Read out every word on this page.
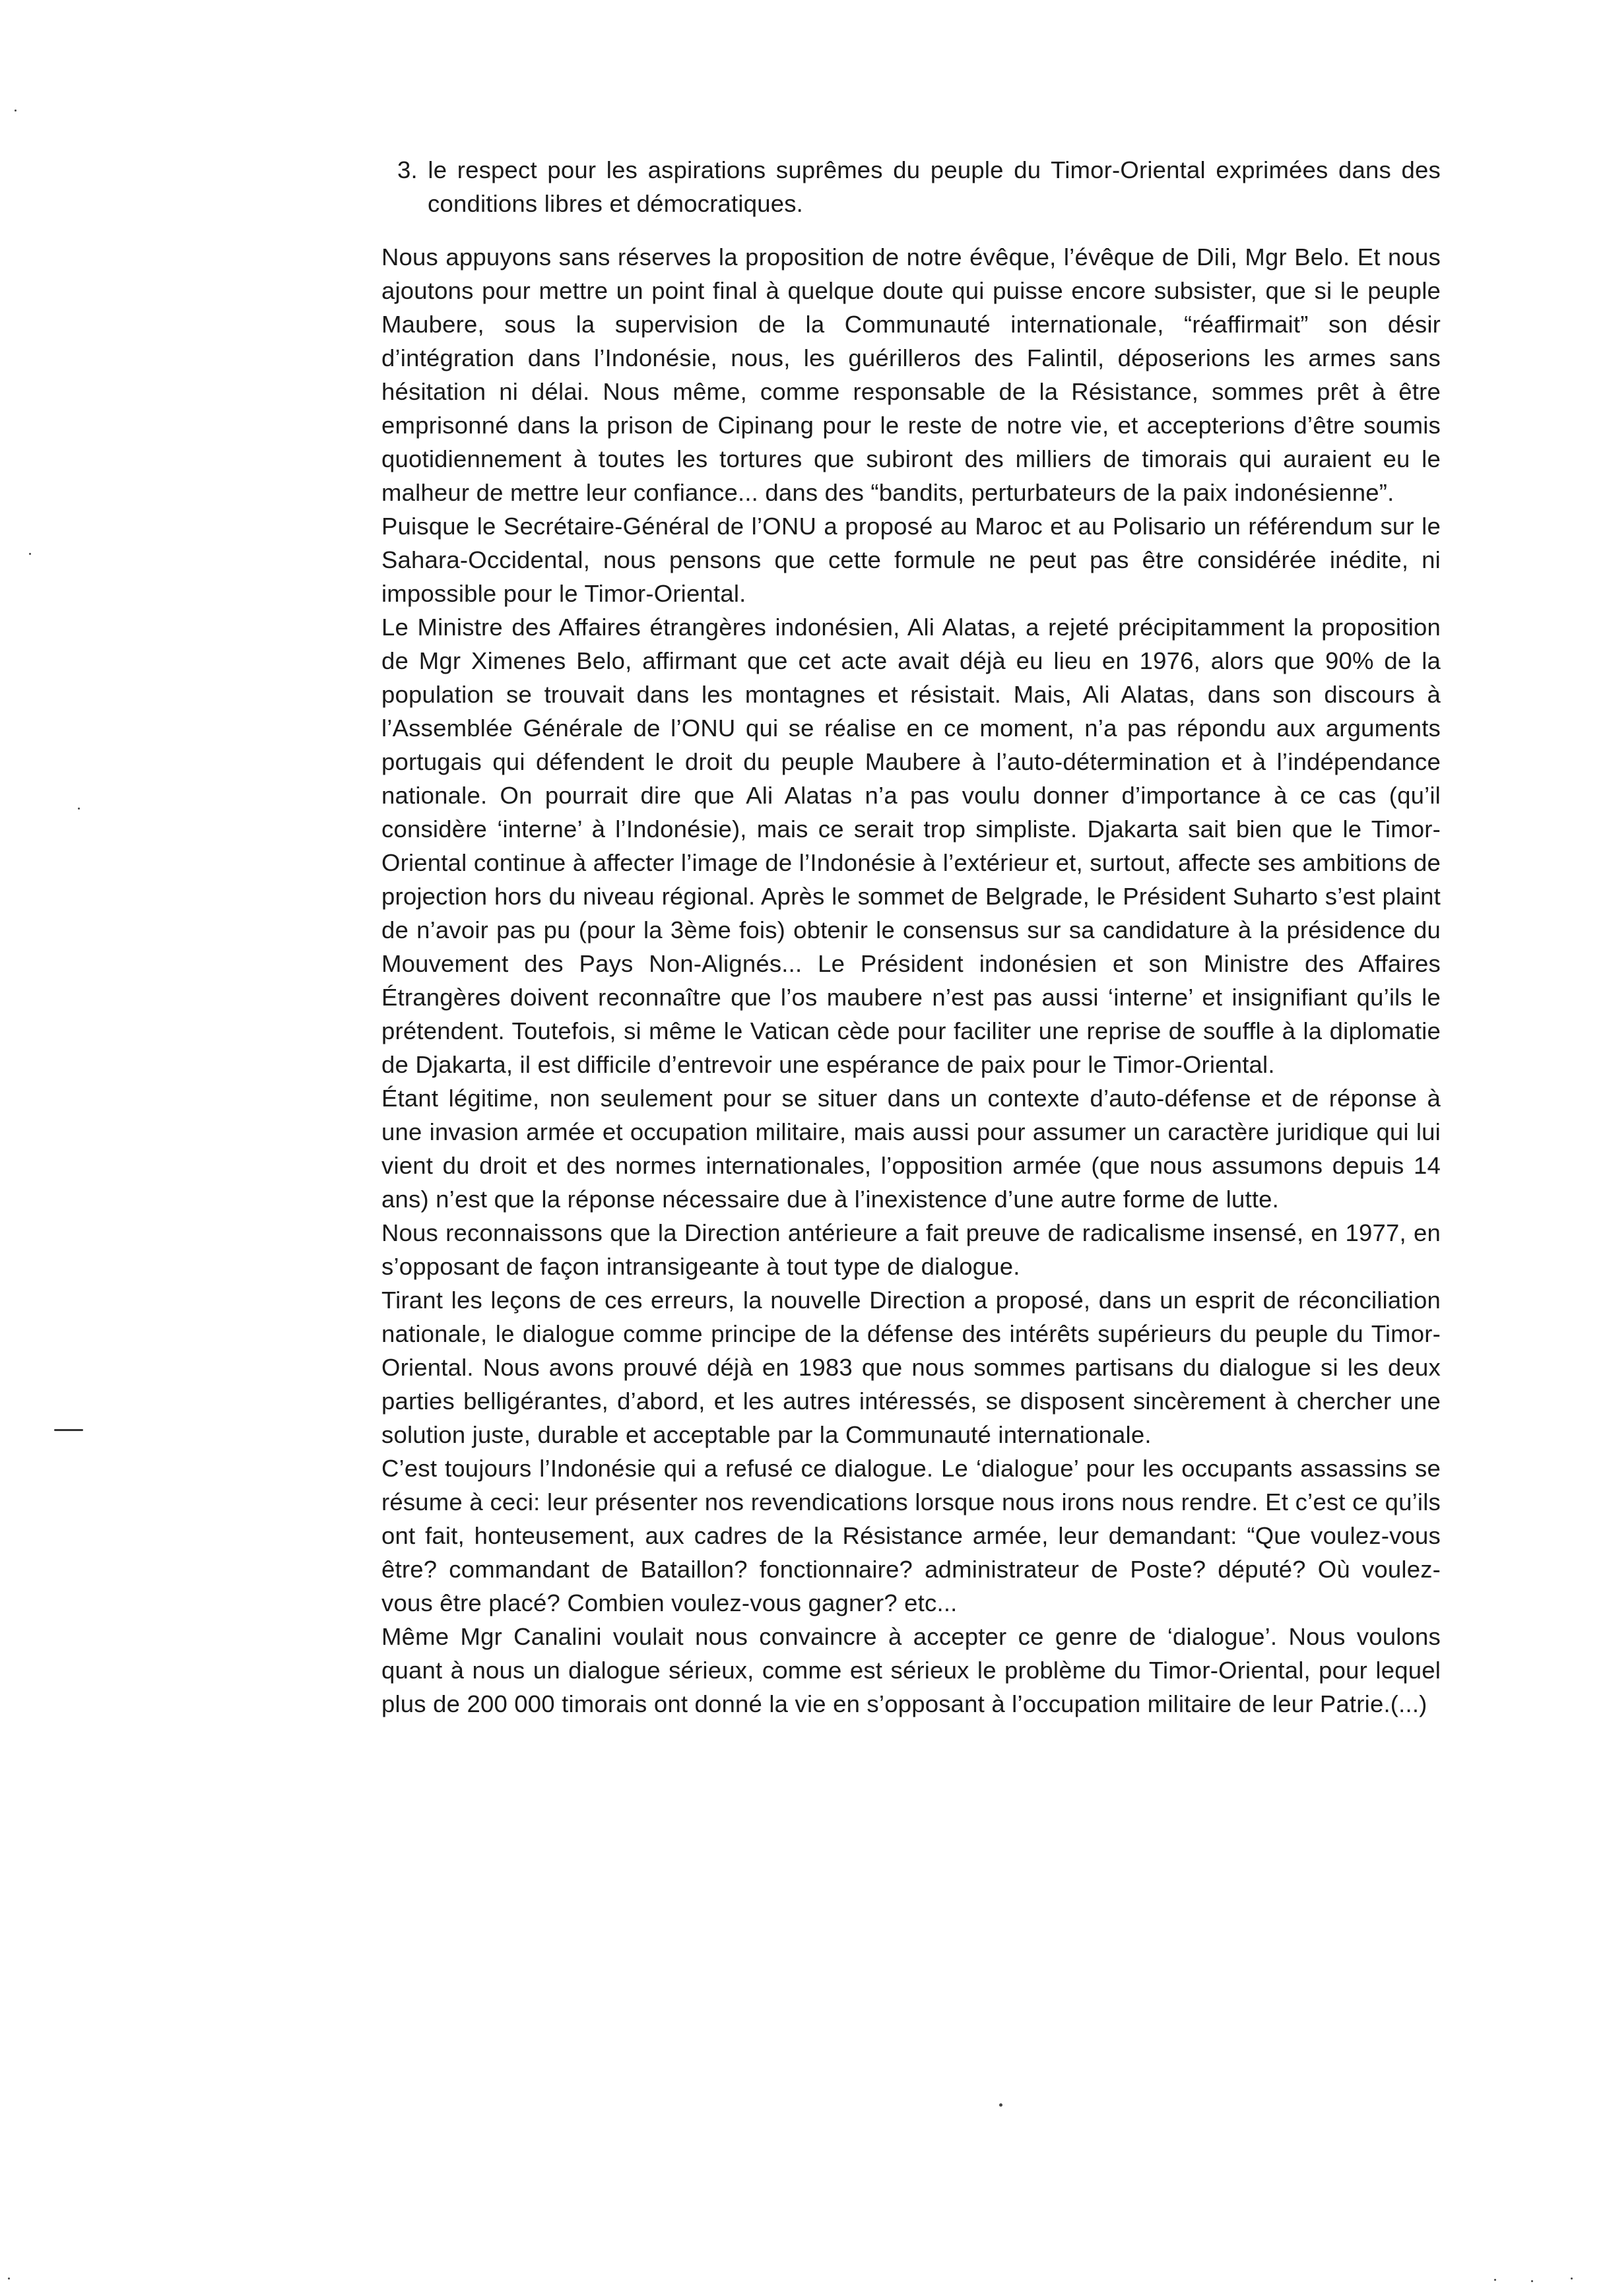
3. le respect pour les aspirations suprêmes du peuple du Timor-Oriental exprimées dans des conditions libres et démocratiques.

Nous appuyons sans réserves la proposition de notre évêque, l’évêque de Dili, Mgr Belo. Et nous ajoutons pour mettre un point final à quelque doute qui puisse encore subsister, que si le peuple Maubere, sous la supervision de la Communauté internationale, “réaffirmait” son désir d’intégration dans l’Indonésie, nous, les guérilleros des Falintil, déposerions les armes sans hésitation ni délai. Nous même, comme responsable de la Résistance, sommes prêt à être emprisonné dans la prison de Cipinang pour le reste de notre vie, et accepterions d’être soumis quotidiennement à toutes les tortures que subiront des milliers de timorais qui auraient eu le malheur de mettre leur confiance... dans des “bandits, perturbateurs de la paix indonésienne”.

Puisque le Secrétaire-Général de l’ONU a proposé au Maroc et au Polisario un référendum sur le Sahara-Occidental, nous pensons que cette formule ne peut pas être considérée inédite, ni impossible pour le Timor-Oriental.

Le Ministre des Affaires étrangères indonésien, Ali Alatas, a rejeté précipitamment la proposition de Mgr Ximenes Belo, affirmant que cet acte avait déjà eu lieu en 1976, alors que 90% de la population se trouvait dans les montagnes et résistait. Mais, Ali Alatas, dans son discours à l’Assemblée Générale de l’ONU qui se réalise en ce moment, n’a pas répondu aux arguments portugais qui défendent le droit du peuple Maubere à l’auto-détermination et à l’indépendance nationale. On pourrait dire que Ali Alatas n’a pas voulu donner d’importance à ce cas (qu’il considère ‘interne’ à l’Indonésie), mais ce serait trop simpliste. Djakarta sait bien que le Timor-Oriental continue à affecter l’image de l’Indonésie à l’extérieur et, surtout, affecte ses ambitions de projection hors du niveau régional. Après le sommet de Belgrade, le Président Suharto s’est plaint de n’avoir pas pu (pour la 3ème fois) obtenir le consensus sur sa candidature à la présidence du Mouvement des Pays Non-Alignés... Le Président indonésien et son Ministre des Affaires Étrangères doivent reconnaître que l’os maubere n’est pas aussi ‘interne’ et insignifiant qu’ils le prétendent. Toutefois, si même le Vatican cède pour faciliter une reprise de souffle à la diplomatie de Djakarta, il est difficile d’entrevoir une espérance de paix pour le Timor-Oriental.

Étant légitime, non seulement pour se situer dans un contexte d’auto-défense et de réponse à une invasion armée et occupation militaire, mais aussi pour assumer un caractère juridique qui lui vient du droit et des normes internationales, l’opposition armée (que nous assumons depuis 14 ans) n’est que la réponse nécessaire due à l’inexistence d’une autre forme de lutte.

Nous reconnaissons que la Direction antérieure a fait preuve de radicalisme insensé, en 1977, en s’opposant de façon intransigeante à tout type de dialogue.

Tirant les leçons de ces erreurs, la nouvelle Direction a proposé, dans un esprit de réconciliation nationale, le dialogue comme principe de la défense des intérêts supérieurs du peuple du Timor-Oriental. Nous avons prouvé déjà en 1983 que nous sommes partisans du dialogue si les deux parties belligérantes, d’abord, et les autres intéressés, se disposent sincèrement à chercher une solution juste, durable et acceptable par la Communauté internationale.

C’est toujours l’Indonésie qui a refusé ce dialogue. Le ‘dialogue’ pour les occupants assassins se résume à ceci: leur présenter nos revendications lorsque nous irons nous rendre. Et c’est ce qu’ils ont fait, honteusement, aux cadres de la Résistance armée, leur demandant: “Que voulez-vous être? commandant de Bataillon? fonctionnaire? administrateur de Poste? député? Où voulez-vous être placé? Combien voulez-vous gagner? etc...

Même Mgr Canalini voulait nous convaincre à accepter ce genre de ‘dialogue’. Nous voulons quant à nous un dialogue sérieux, comme est sérieux le problème du Timor-Oriental, pour lequel plus de 200 000 timorais ont donné la vie en s’opposant à l’occupation militaire de leur Patrie.(...)
